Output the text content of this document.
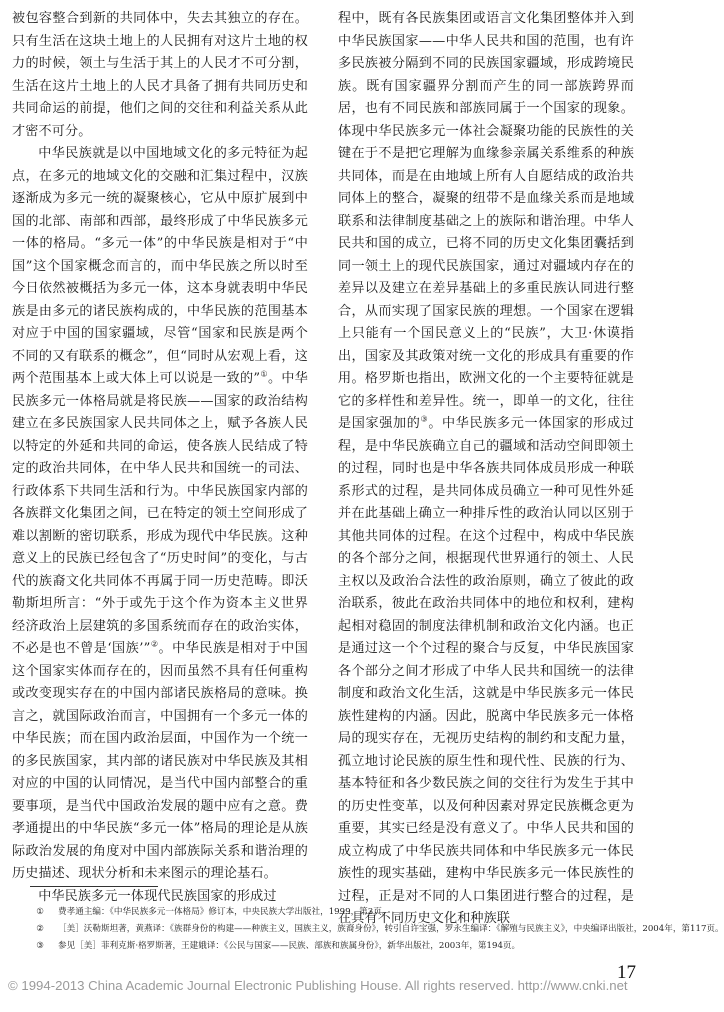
被包容整合到新的共同体中，失去其独立的存在。只有生活在这块土地上的人民拥有对这片土地的权力的时候，领土与生活于其上的人民才不可分割，生活在这片土地上的人民才具备了拥有共同历史和共同命运的前提，他们之间的交往和利益关系从此才密不可分。

中华民族就是以中国地域文化的多元特征为起点，在多元的地域文化的交融和汇集过程中，汉族逐渐成为多元一统的凝聚核心，它从中原扩展到中国的北部、南部和西部，最终形成了中华民族多元一体的格局。“多元一体”的中华民族是相对于“中国”这个国家概念而言的，而中华民族之所以时至今日依然被概括为多元一体，这本身就表明中华民族是由多元的诸民族构成的，中华民族的范围基本对应于中国的国家疆域，尽管“国家和民族是两个不同的又有联系的概念”，但“同时从宏观上看，这两个范围基本上或大体上可以说是一致的”①。中华民族多元一体格局就是将民族——国家的政治结构建立在多民族国家人民共同体之上，赋予各族人民以特定的外延和共同的命运，使各族人民结成了特定的政治共同体，在中华人民共和国统一的司法、行政体系下共同生活和行为。中华民族国家内部的各族群文化集团之间，已在特定的领土空间形成了难以割断的密切联系，形成为现代中华民族。这种意义上的民族已经包含了“历史时间”的变化，与古代的族裔文化共同体不再属于同一历史范畴。即沃勒斯坦所言：“外于或先于这个作为资本主义世界经济政治上层建筑的多国系统而存在的政治实体，不必是也不曾是‘国族’”②。中华民族是相对于中国这个国家实体而存在的，因而虽然不具有任何重构或改变现实存在的中国内部诸民族格局的意味。换言之，就国际政治而言，中国拥有一个多元一体的中华民族；而在国内政治层面，中国作为一个统一的多民族国家，其内部的诸民族对中华民族及其相对应的中国的认同情况，是当代中国内部整合的重要事项，是当代中国政治发展的题中应有之意。费孝通提出的中华民族“多元一体”格局的理论是从族际政治发展的角度对中国内部族际关系和谐治理的历史描述、现状分析和未来图示的理论基石。

中华民族多元一体现代民族国家的形成过

程中，既有各民族集团或语言文化集团整体并入到中华民族国家——中华人民共和国的范围，也有许多民族被分隔到不同的民族国家疆域，形成跨境民族。既有国家疆界分割而产生的同一部族跨界而居，也有不同民族和部族同属于一个国家的现象。体现中华民族多元一体社会凝聚功能的民族性的关键在于不是把它理解为血缘参亲属关系维系的种族共同体，而是在由地域上所有人自愿结成的政治共同体上的整合，凝聚的纽带不是血缘关系而是地域联系和法律制度基础之上的族际和谐治理。中华人民共和国的成立，已将不同的历史文化集团囊括到同一领土上的现代民族国家，通过对疆域内存在的差异以及建立在差异基础上的多重民族认同进行整合，从而实现了国家民族的理想。一个国家在逻辑上只能有一个国民意义上的“民族”，大卫·休谟指出，国家及其政策对统一文化的形成具有重要的作用。格罗斯也指出，欧洲文化的一个主要特征就是它的多样性和差异性。统一，即单一的文化，往往是国家强加的③。中华民族多元一体国家的形成过程，是中华民族确立自己的疆域和活动空间即领土的过程，同时也是中华各族共同体成员形成一种联系形式的过程，是共同体成员确立一种可见性外延并在此基础上确立一种排斥性的政治认同以区别于其他共同体的过程。在这个过程中，构成中华民族的各个部分之间，根据现代世界通行的领土、人民主权以及政治合法性的政治原则，确立了彼此的政治联系，彼此在政治共同体中的地位和权利，建构起相对稳固的制度法律机制和政治文化内涵。也正是通过这一个个过程的聚合与反复，中华民族国家各个部分之间才形成了中华人民共和国统一的法律制度和政治文化生活，这就是中华民族多元一体民族性建构的内涵。因此，脱离中华民族多元一体格局的现实存在，无视历史结构的制约和支配力量，孤立地讨论民族的原生性和现代性、民族的行为、基本特征和各少数民族之间的交往行为发生于其中的历史性变革，以及何种因素对界定民族概念更为重要，其实已经是没有意义了。中华人民共和国的成立构成了中华民族共同体和中华民族多元一体民族性的现实基础，建构中华民族多元一体民族性的过程，正是对不同的人口集团进行整合的过程，是在具有不同历史文化和种族联

① 费孝通主编：《中华民族多元一体格局》修订本，中央民族大学出版社，1999，第3页。
② ［美］沃勒斯坦著，黄燕译：《族群身份的构建——种族主义，国族主义，族裔身份》，转引自许宝强，罗永生编译：《解殖与民族主义》，中央编译出版社，2004年，第117页。
③ 参见［美］菲利克斯·格罗斯著，王建娥译：《公民与国家——民族、部族和族属身份》，新华出版社，2003年，第194页。
17
© 1994-2013 China Academic Journal Electronic Publishing House. All rights reserved. http://www.cnki.net
